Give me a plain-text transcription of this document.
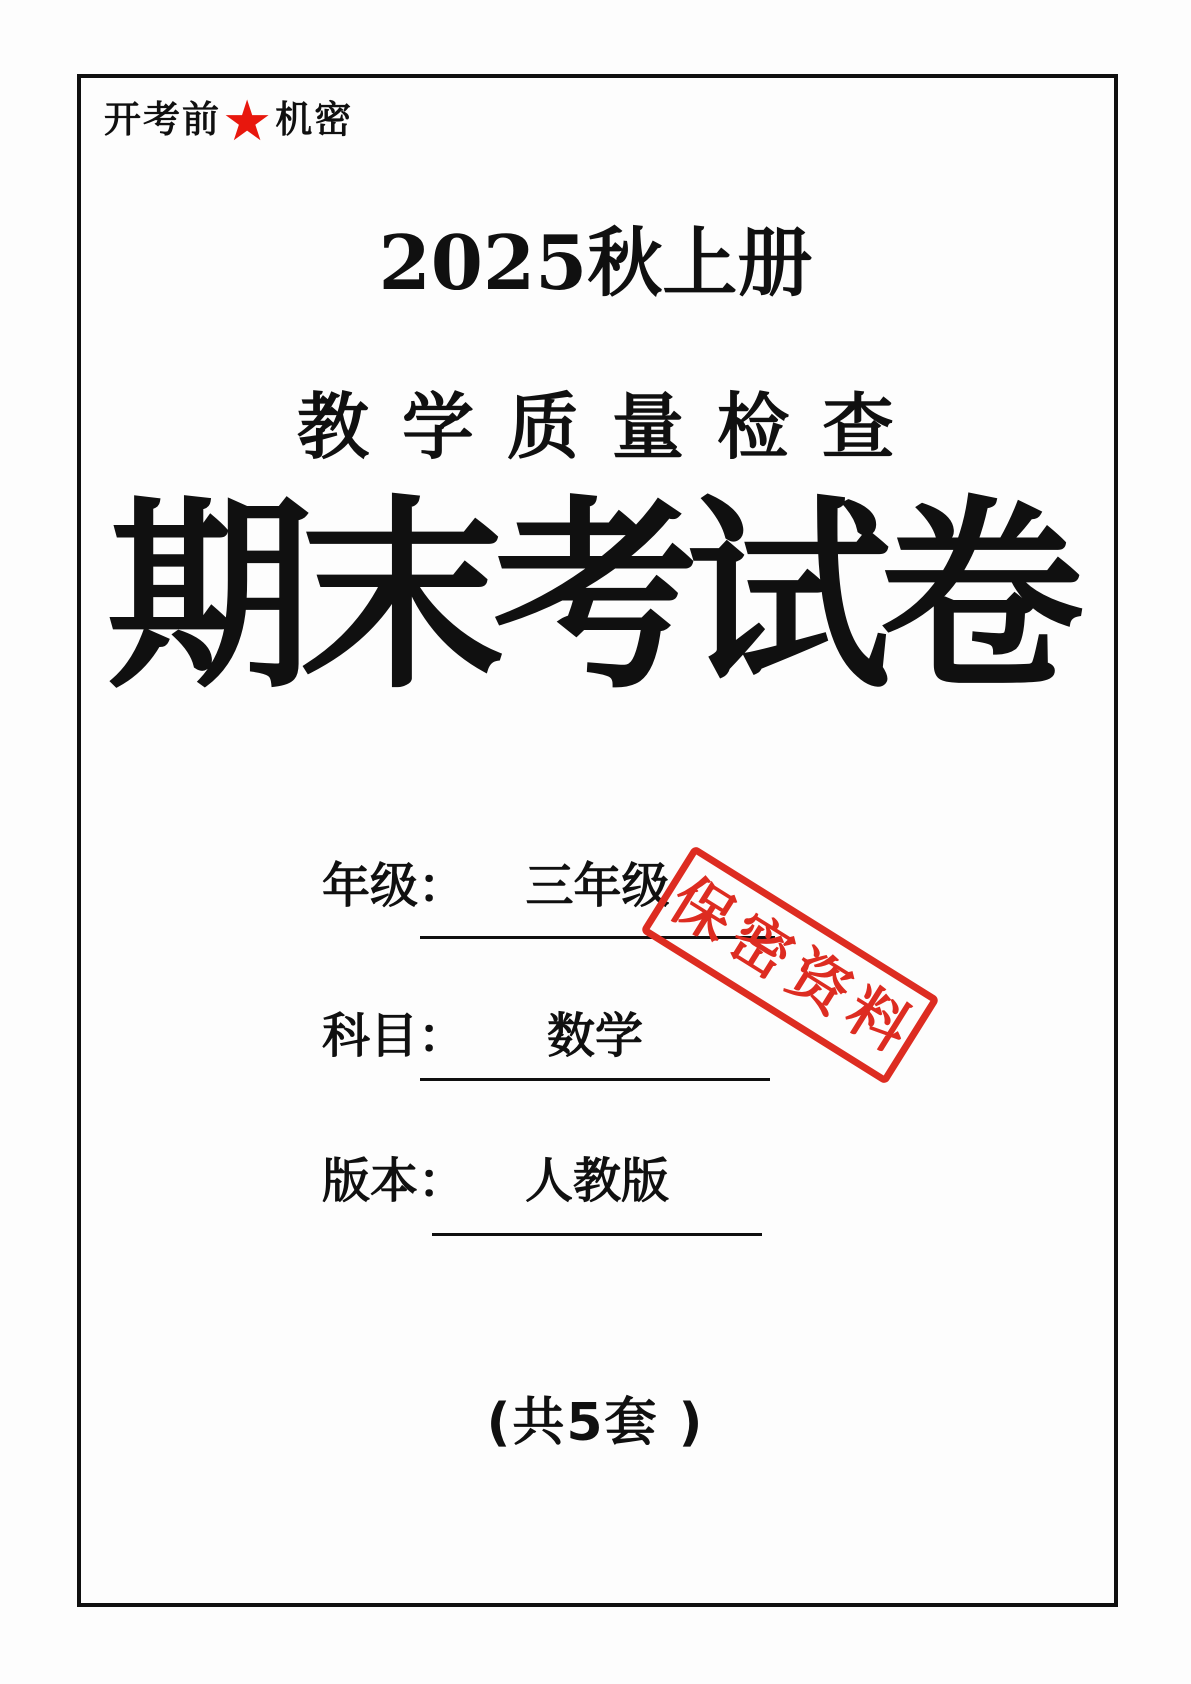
开考前★机密
2025秋上册
教学质量检查
期末考试卷
年级：	三年级
科目：	数学
版本：	人教版
保密资料
(共5套 )
